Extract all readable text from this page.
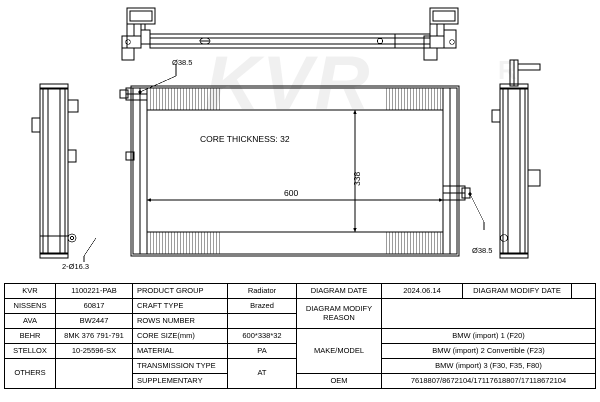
KVR	R
Ø38.5
CORE THICKNESS: 32
600
338
Ø38.5
2-Ø16.3
KVR	1100221-PAB	PRODUCT GROUP	Radiator	DIAGRAM DATE	2024.06.14	DIAGRAM MODIFY DATE	
NISSENS	60817	CRAFT TYPE	Brazed	DIAGRAM MODIFY REASON			
AVA	BW2447	ROWS NUMBER					
BEHR	8MK 376 791-791	CORE SIZE(mm)	600*338*32	MAKE/MODEL	BMW (import) 1 (F20)		
STELLOX	10-25596-SX	MATERIAL	PA		BMW (import) 2 Convertible (F23)		
OTHERS		TRANSMISSION TYPE	AT		BMW (import) 3 (F30, F35, F80)		
		SUPPLEMENTARY		OEM	7618807/8672104/17117618807/17118672104		
